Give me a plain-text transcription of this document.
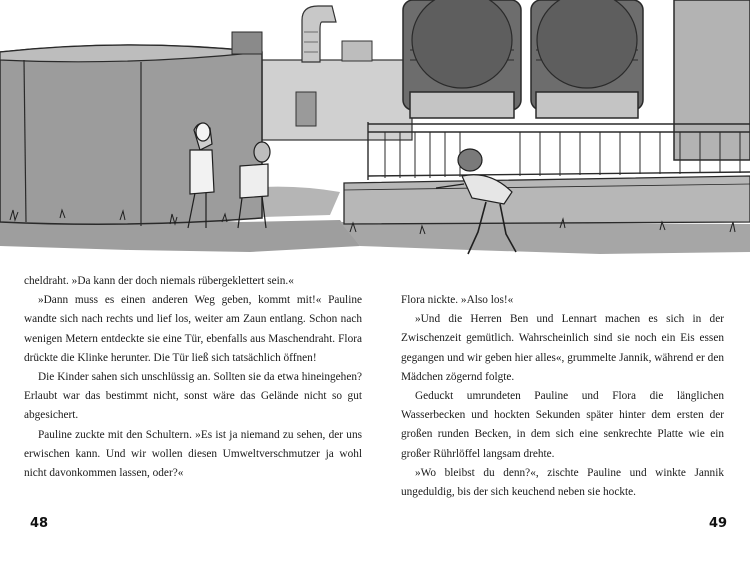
cheldraht. »Da kann der doch niemals rübergeklettert sein.«

»Dann muss es einen anderen Weg geben, kommt mit!« Pauline wandte sich nach rechts und lief los, weiter am Zaun entlang. Schon nach wenigen Metern entdeckte sie eine Tür, ebenfalls aus Maschendraht. Flora drückte die Klinke herunter. Die Tür ließ sich tatsächlich öffnen!

Die Kinder sahen sich unschlüssig an. Sollten sie da etwa hineingehen? Erlaubt war das bestimmt nicht, sonst wäre das Gelände nicht so gut abgesichert.

Pauline zuckte mit den Schultern. »Es ist ja niemand zu sehen, der uns erwischen kann. Und wir wollen diesen Umweltverschmutzer ja wohl nicht davonkommen lassen, oder?«

Flora nickte. »Also los!«

»Und die Herren Ben und Lennart machen es sich in der Zwischenzeit gemütlich. Wahrscheinlich sind sie noch ein Eis essen gegangen und wir geben hier alles«, grummelte Jannik, während er den Mädchen zögernd folgte.

Geduckt umrundeten Pauline und Flora die länglichen Wasserbecken und hockten Sekunden später hinter dem ersten der großen runden Becken, in dem sich eine senkrechte Platte wie ein großer Rührlöffel langsam drehte.

»Wo bleibst du denn?«, zischte Pauline und winkte Jannik ungeduldig, bis der sich keuchend neben sie hockte.

48	49
